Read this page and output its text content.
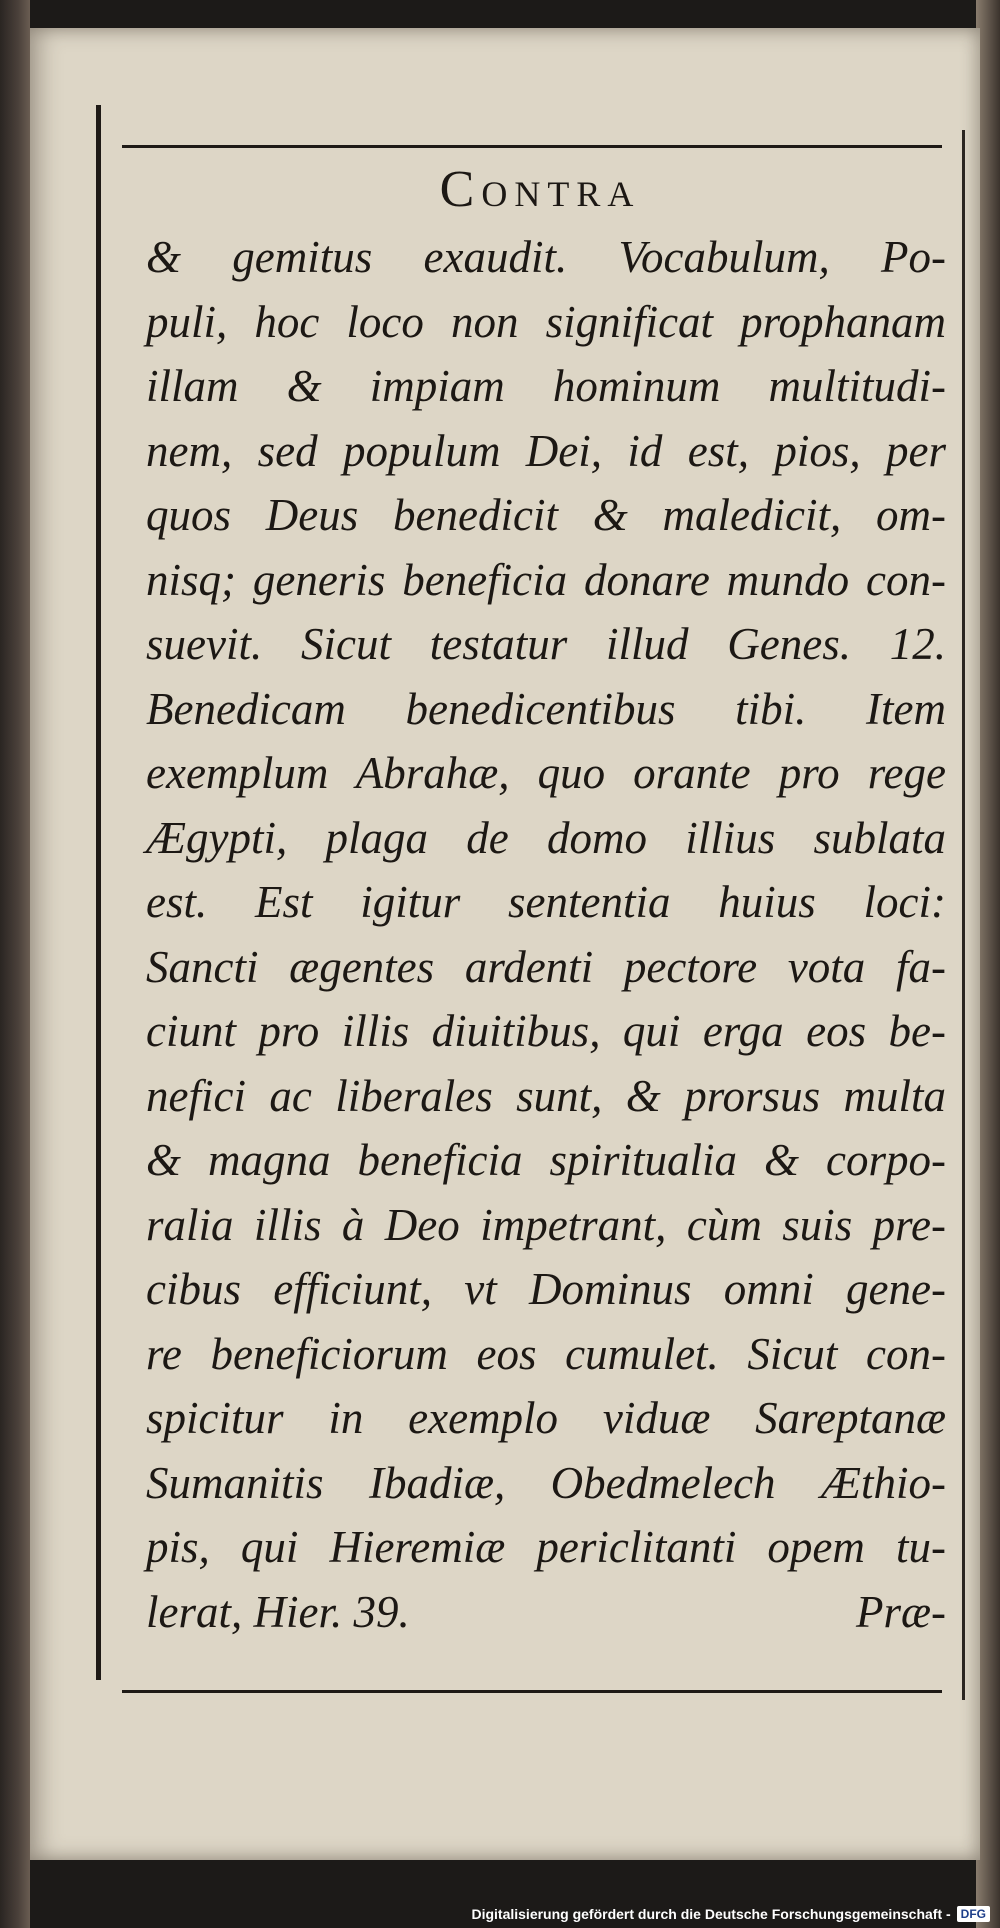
Contra
& gemitus exaudit. Vocabulum, Po-
puli, hoc loco non significat prophanam
illam & impiam hominum multitudi-
nem, sed populum Dei, id est, pios, per
quos Deus benedicit & maledicit, om-
nisq; generis beneficia donare mundo con-
suevit. Sicut testatur illud Genes. 12.
Benedicam benedicentibus tibi. Item
exemplum Abrahæ, quo orante pro rege
Ægypti, plaga de domo illius sublata
est. Est igitur sententia huius loci:
Sancti ægentes ardenti pectore vota fa-
ciunt pro illis diuitibus, qui erga eos be-
nefici ac liberales sunt, & prorsus multa
& magna beneficia spiritualia & corpo-
ralia illis à Deo impetrant, cùm suis pre-
cibus efficiunt, vt Dominus omni gene-
re beneficiorum eos cumulet. Sicut con-
spicitur in exemplo viduæ Sareptanæ
Sumanitis Ibadiæ, Obedmelech Æthio-
pis, qui Hieremiæ periclitanti opem tu-
lerat, Hier. 39.	Præ-
Digitalisierung gefördert durch die Deutsche Forschungsgemeinschaft - DFG
